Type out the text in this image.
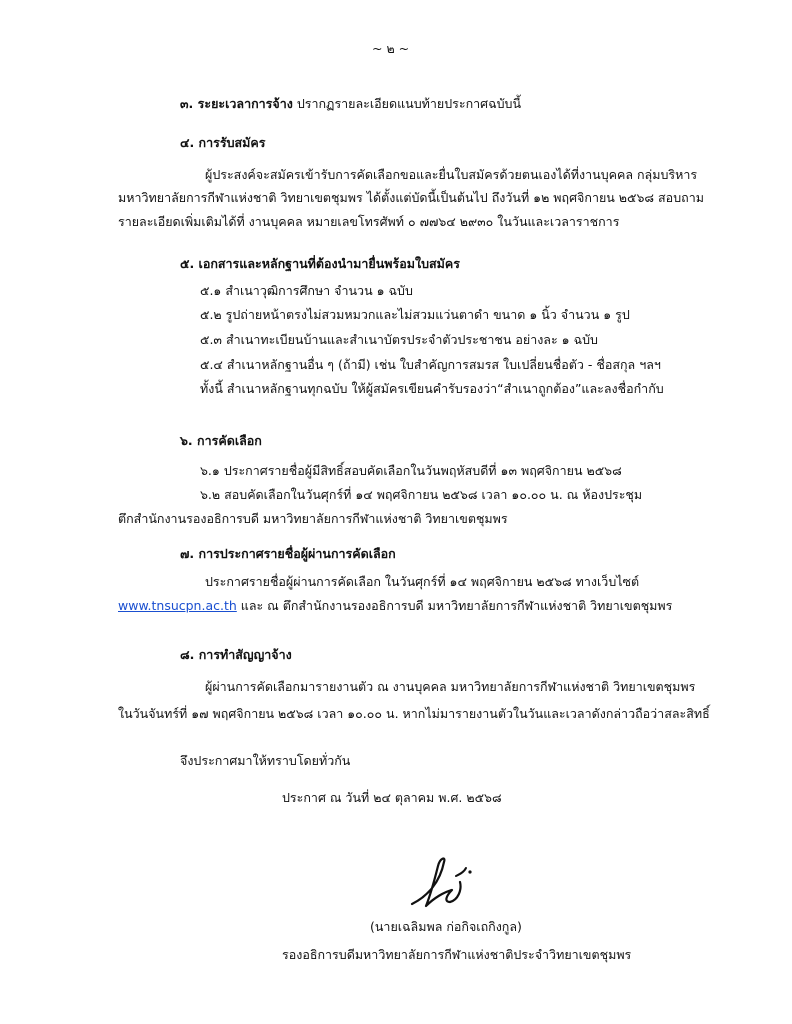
~ ๒ ~
๓. ระยะเวลาการจ้าง ปรากฏรายละเอียดแนบท้ายประกาศฉบับนี้
๔. การรับสมัคร
ผู้ประสงค์จะสมัครเข้ารับการคัดเลือกขอและยื่นใบสมัครด้วยตนเองได้ที่งานบุคคล กลุ่มบริหาร
มหาวิทยาลัยการกีฬาแห่งชาติ วิทยาเขตชุมพร ได้ตั้งแต่บัดนี้เป็นต้นไป ถึงวันที่ ๑๒ พฤศจิกายน ๒๕๖๘ สอบถาม
รายละเอียดเพิ่มเติมได้ที่ งานบุคคล หมายเลขโทรศัพท์ ๐ ๗๗๖๔ ๒๙๓๐ ในวันและเวลาราชการ
๕. เอกสารและหลักฐานที่ต้องนำมายื่นพร้อมใบสมัคร
๕.๑ สำเนาวุฒิการศึกษา จำนวน ๑ ฉบับ
๕.๒ รูปถ่ายหน้าตรงไม่สวมหมวกและไม่สวมแว่นตาดำ ขนาด ๑ นิ้ว จำนวน ๑ รูป
๕.๓ สำเนาทะเบียนบ้านและสำเนาบัตรประจำตัวประชาชน อย่างละ ๑ ฉบับ
๕.๔ สำเนาหลักฐานอื่น ๆ (ถ้ามี) เช่น ใบสำคัญการสมรส ใบเปลี่ยนชื่อตัว - ชื่อสกุล ฯลฯ
ทั้งนี้ สำเนาหลักฐานทุกฉบับ ให้ผู้สมัครเขียนคำรับรองว่า“สำเนาถูกต้อง”และลงชื่อกำกับ
๖. การคัดเลือก
๖.๑ ประกาศรายชื่อผู้มีสิทธิ์สอบคัดเลือกในวันพฤหัสบดีที่ ๑๓ พฤศจิกายน ๒๕๖๘
๖.๒ สอบคัดเลือกในวันศุกร์ที่ ๑๔ พฤศจิกายน ๒๕๖๘ เวลา ๑๐.๐๐ น. ณ ห้องประชุม
ตึกสำนักงานรองอธิการบดี มหาวิทยาลัยการกีฬาแห่งชาติ วิทยาเขตชุมพร
๗. การประกาศรายชื่อผู้ผ่านการคัดเลือก
ประกาศรายชื่อผู้ผ่านการคัดเลือก ในวันศุกร์ที่ ๑๔ พฤศจิกายน ๒๕๖๘ ทางเว็บไซต์
www.tnsucpn.ac.th และ ณ ตึกสำนักงานรองอธิการบดี มหาวิทยาลัยการกีฬาแห่งชาติ วิทยาเขตชุมพร
๘. การทำสัญญาจ้าง
ผู้ผ่านการคัดเลือกมารายงานตัว ณ งานบุคคล มหาวิทยาลัยการกีฬาแห่งชาติ วิทยาเขตชุมพร
ในวันจันทร์ที่ ๑๗ พฤศจิกายน ๒๕๖๘ เวลา ๑๐.๐๐ น. หากไม่มารายงานตัวในวันและเวลาดังกล่าวถือว่าสละสิทธิ์
จึงประกาศมาให้ทราบโดยทั่วกัน
ประกาศ ณ วันที่ ๒๔ ตุลาคม พ.ศ. ๒๕๖๘
(นายเฉลิมพล ก่อกิจเถกิงกูล)
รองอธิการบดีมหาวิทยาลัยการกีฬาแห่งชาติประจำวิทยาเขตชุมพร
